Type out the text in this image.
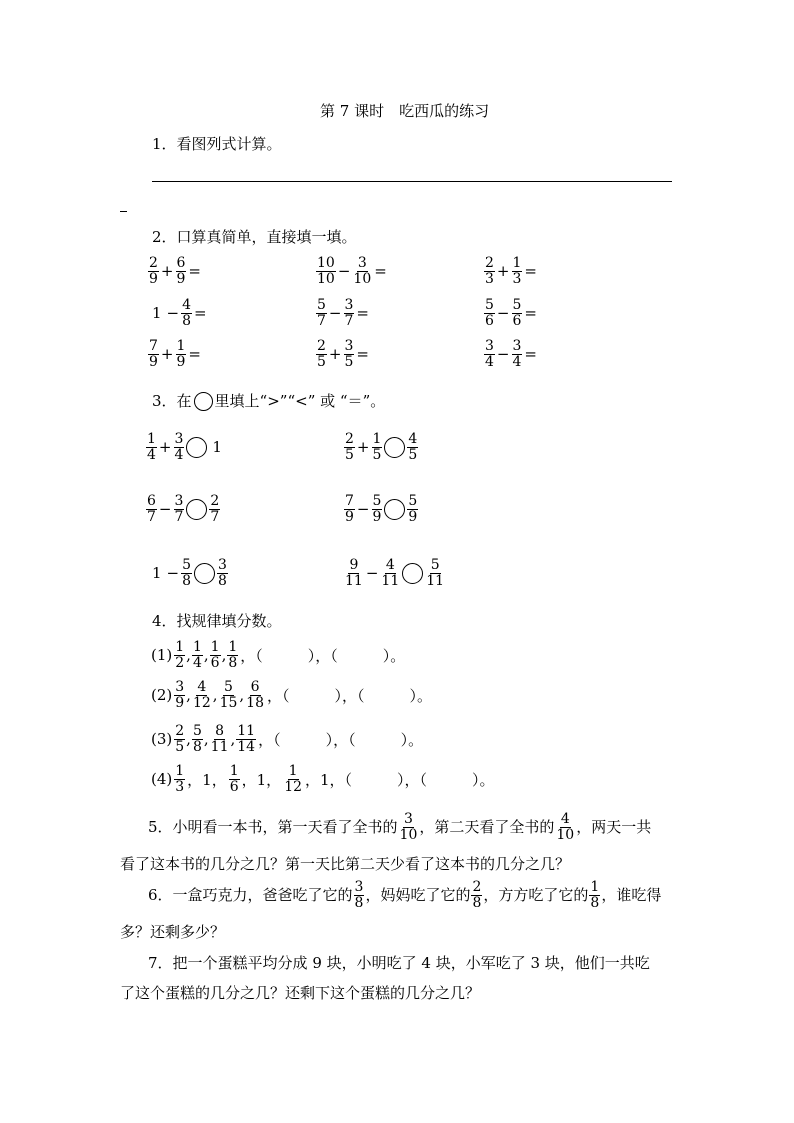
第 7 课时　吃西瓜的练习
1．看图列式计算。
2．口算真简单，直接填一填。
$\frac{2}{9} + \frac{6}{9}$ =	$\frac{10}{10} - \frac{3}{10}$ =	$\frac{2}{3} + \frac{1}{3}$ =
$1 - \frac{4}{8}$ =	$\frac{5}{7} - \frac{3}{7}$ =	$\frac{5}{6} - \frac{5}{6}$ =
$\frac{7}{9} + \frac{1}{9}$ =	$\frac{2}{5} + \frac{3}{5}$ =	$\frac{3}{4} - \frac{3}{4}$ =
3．在 里填上“>”“<” 或 “＝”。
$\frac{1}{4} + \frac{3}{4} 1$	$\frac{2}{5} + \frac{1}{5} \frac{4}{5}$
$\frac{6}{7} - \frac{3}{7} \frac{2}{7}$	$\frac{7}{9} - \frac{5}{9} \frac{5}{9}$
$1 - \frac{5}{8} \frac{3}{8}$	$\frac{9}{11} - \frac{4}{11} \frac{5}{11}$
4．找规律填分数。
$(1) \frac{1}{2}$ , $\frac{1}{4}$ , $\frac{1}{6}$ , $\frac{1}{8}$ ，（　　　），（　　　）。
$(2) \frac{3}{9}$ , $\frac{4}{12}$ , $\frac{5}{15}$ , $\frac{6}{18}$ ，（　　　），（　　　）。
$(3) \frac{2}{5}$ , $\frac{5}{8}$ , $\frac{8}{11}$ , $\frac{11}{14}$ ，（　　　），（　　　）。
$(4) \frac{1}{3}$ ，1， $\frac{1}{6}$ ，1， $\frac{1}{12}$ ，1，（　　　），（　　　）。
5．小明看一本书，第一天看了全书的 $\frac{3}{10}$ ，第二天看了全书的 $\frac{4}{10}$ ，两天一共
看了这本书的几分之几？第一天比第二天少看了这本书的几分之几？
6．一盒巧克力，爸爸吃了它的 $\frac{3}{8}$ ，妈妈吃了它的 $\frac{2}{8}$ ，方方吃了它的 $\frac{1}{8}$ ，谁吃得
多？还剩多少？
7．把一个蛋糕平均分成 9 块，小明吃了 4 块，小军吃了 3 块，他们一共吃
了这个蛋糕的几分之几？还剩下这个蛋糕的几分之几？
